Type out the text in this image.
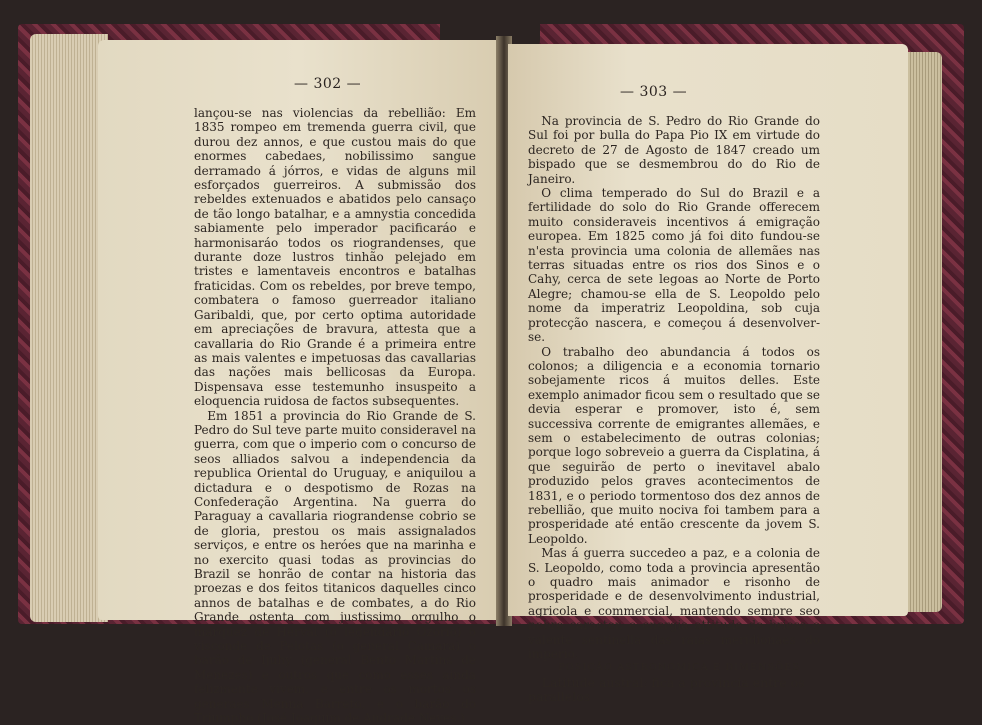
— 302 —

lançou-se nas violencias da rebellião: Em 1835 rompeo em tremenda guerra civil, que durou dez annos, e que custou mais do que enormes cabedaes, nobilissimo sangue derramado á jórros, e vidas de alguns mil esforçados guerreiros. A submissão dos rebeldes extenuados e abatidos pelo cansaço de tão longo batalhar, e a amnystia concedida sabiamente pelo imperador pacificaráo e harmonisaráo todos os riograndenses, que durante doze lustros tinhão pelejado em tristes e lamentaveis encontros e batalhas fraticidas. Com os rebeldes, por breve tempo, combatera o famoso guerreador italiano Garibaldi, que, por certo optima autoridade em apreciações de bravura, attesta que a cavallaria do Rio Grande é a primeira entre as mais valentes e impetuosas das cavallarias das nações mais bellicosas da Europa. Dispensava esse testemunho insuspeito a eloquencia ruidosa de factos subsequentes.

Em 1851 a provincia do Rio Grande de S. Pedro do Sul teve parte muito consideravel na guerra, com que o imperio com o concurso de seos alliados salvou a independencia da republica Oriental do Uruguay, e aniquilou a dictadura e o despotismo de Rozas na Confederação Argentina. Na guerra do Paraguay a cavallaria riograndense cobrio se de gloria, prestou os mais assignalados serviços, e entre os heróes que na marinha e no exercito quasi todas as provincias do Brazil se honrão de contar na historia das proezas e dos feitos titanicos daquelles cinco annos de batalhas e de combates, a do Rio Grande ostenta com justissimo orgulho o marquez de Herval (o legendario Ozorio) o visconde de Pelotas (o general Camara) o barão de Ijuhy (general Bento Martins de Menezes) e outros que como esses ainda felizmente vivem, e entre os mortos os generaes Menna Barreto, e o barão do Triumpho (José Joaquim de Andrade Neves.)

— 303 —

Na provincia de S. Pedro do Rio Grande do Sul foi por bulla do Papa Pio IX em virtude do decreto de 27 de Agosto de 1847 creado um bispado que se desmembrou do do Rio de Janeiro.

O clima temperado do Sul do Brazil e a fertilidade do solo do Rio Grande offerecem muito consideraveis incentivos á emigração europea. Em 1825 como já foi dito fundou-se n'esta provincia uma colonia de allemães nas terras situadas entre os rios dos Sinos e o Cahy, cerca de sete legoas ao Norte de Porto Alegre; chamou-se ella de S. Leopoldo pelo nome da imperatriz Leopoldina, sob cuja protecção nascera, e começou á desenvolver-se.

O trabalho deo abundancia á todos os colonos; a diligencia e a economia tornario sobejamente ricos á muitos delles. Este exemplo animador ficou sem o resultado que se devia esperar e promover, isto é, sem successiva corrente de emigrantes allemães, e sem o estabelecimento de outras colonias; porque logo sobreveio a guerra da Cisplatina, á que seguirão de perto o inevitavel abalo produzido pelos graves acontecimentos de 1831, e o periodo tormentoso dos dez annos de rebellião, que muito nociva foi tambem para a prosperidade até então crescente da jovem S. Leopoldo.

Mas á guerra succedeo a paz, e a colonia de S. Leopoldo, como toda a provincia apresentão o quadro mais animador e risonho de prosperidade e de desenvolvimento industrial, agricola e commercial, mantendo sempre seo nobre caracter, e energia attitude de briosa e valente sentinella das raias meridionaes do imperio.

POSIÇÃO ASTRONOMICA E DIMENSÕES

Latitude austral: fica a provincia entre os parallelos
